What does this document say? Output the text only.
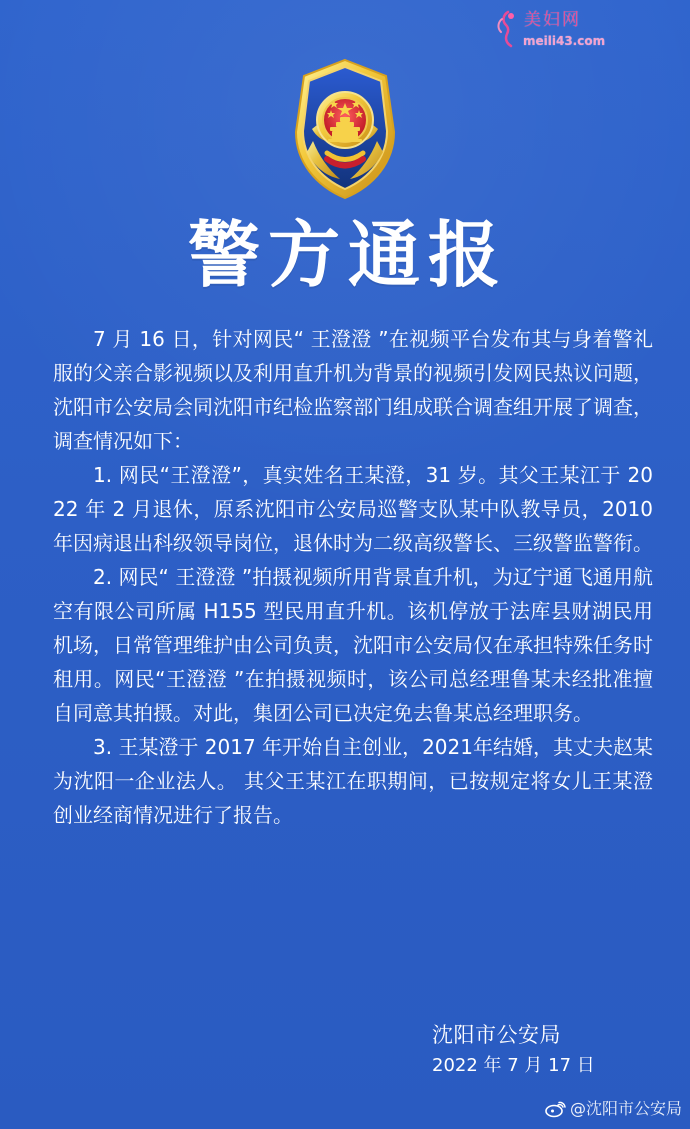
美妇网
meili43.com
警方通报

7 月 16 日，针对网民“ 王澄澄 ”在视频平台发布其与身着警礼服的父亲合影视频以及利用直升机为背景的视频引发网民热议问题，沈阳市公安局会同沈阳市纪检监察部门组成联合调查组开展了调查，调查情况如下：

1. 网民“王澄澄”，真实姓名王某澄，31 岁。其父王某江于 2022 年 2 月退休，原系沈阳市公安局巡警支队某中队教导员，2010 年因病退出科级领导岗位，退休时为二级高级警长、三级警监警衔。

2. 网民“ 王澄澄 ”拍摄视频所用背景直升机，为辽宁通飞通用航空有限公司所属 H155 型民用直升机。该机停放于法库县财湖民用机场，日常管理维护由公司负责，沈阳市公安局仅在承担特殊任务时租用。网民“王澄澄 ”在拍摄视频时，该公司总经理鲁某未经批准擅自同意其拍摄。对此，集团公司已决定免去鲁某总经理职务。

3. 王某澄于 2017 年开始自主创业，2021年结婚，其丈夫赵某为沈阳一企业法人。 其父王某江在职期间，已按规定将女儿王某澄创业经商情况进行了报告。

沈阳市公安局
2022 年 7 月 17 日
@沈阳市公安局
